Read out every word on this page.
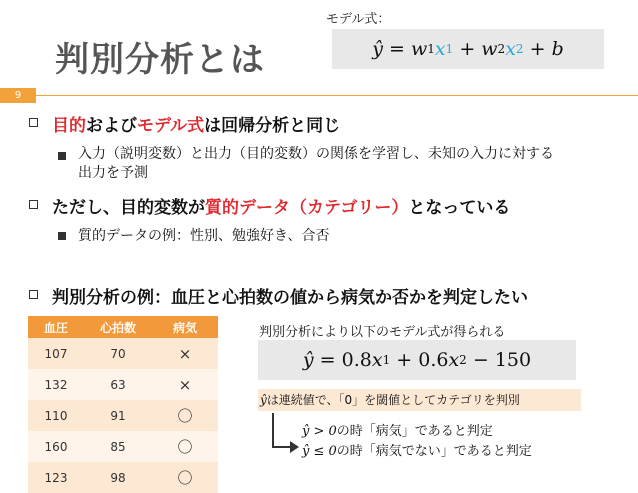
判別分析とは
モデル式：
ŷ
=
w 1 x 1
+
w 2 x 2
+
b
9
目的およびモデル式は回帰分析と同じ
入力（説明変数）と出力（目的変数）の関係を学習し、未知の入力に対する
出力を予測
ただし、目的変数が質的データ（カテゴリー）となっている
質的データの例：性別、勉強好き、合否
判別分析の例：血圧と心拍数の値から病気か否かを判定したい
血圧	心拍数	病気
107	70	×
132	63	×
110	91	〇
160	85	〇
123	98	〇
判別分析により以下のモデル式が得られる
ŷ
=
0.8 x 1
+
0.6 x 2
−
150
ŷは連続値で、「0」を閾値としてカテゴリを判別
ŷ > 0の時「病気」であると判定
ŷ ≤ 0の時「病気でない」であると判定
